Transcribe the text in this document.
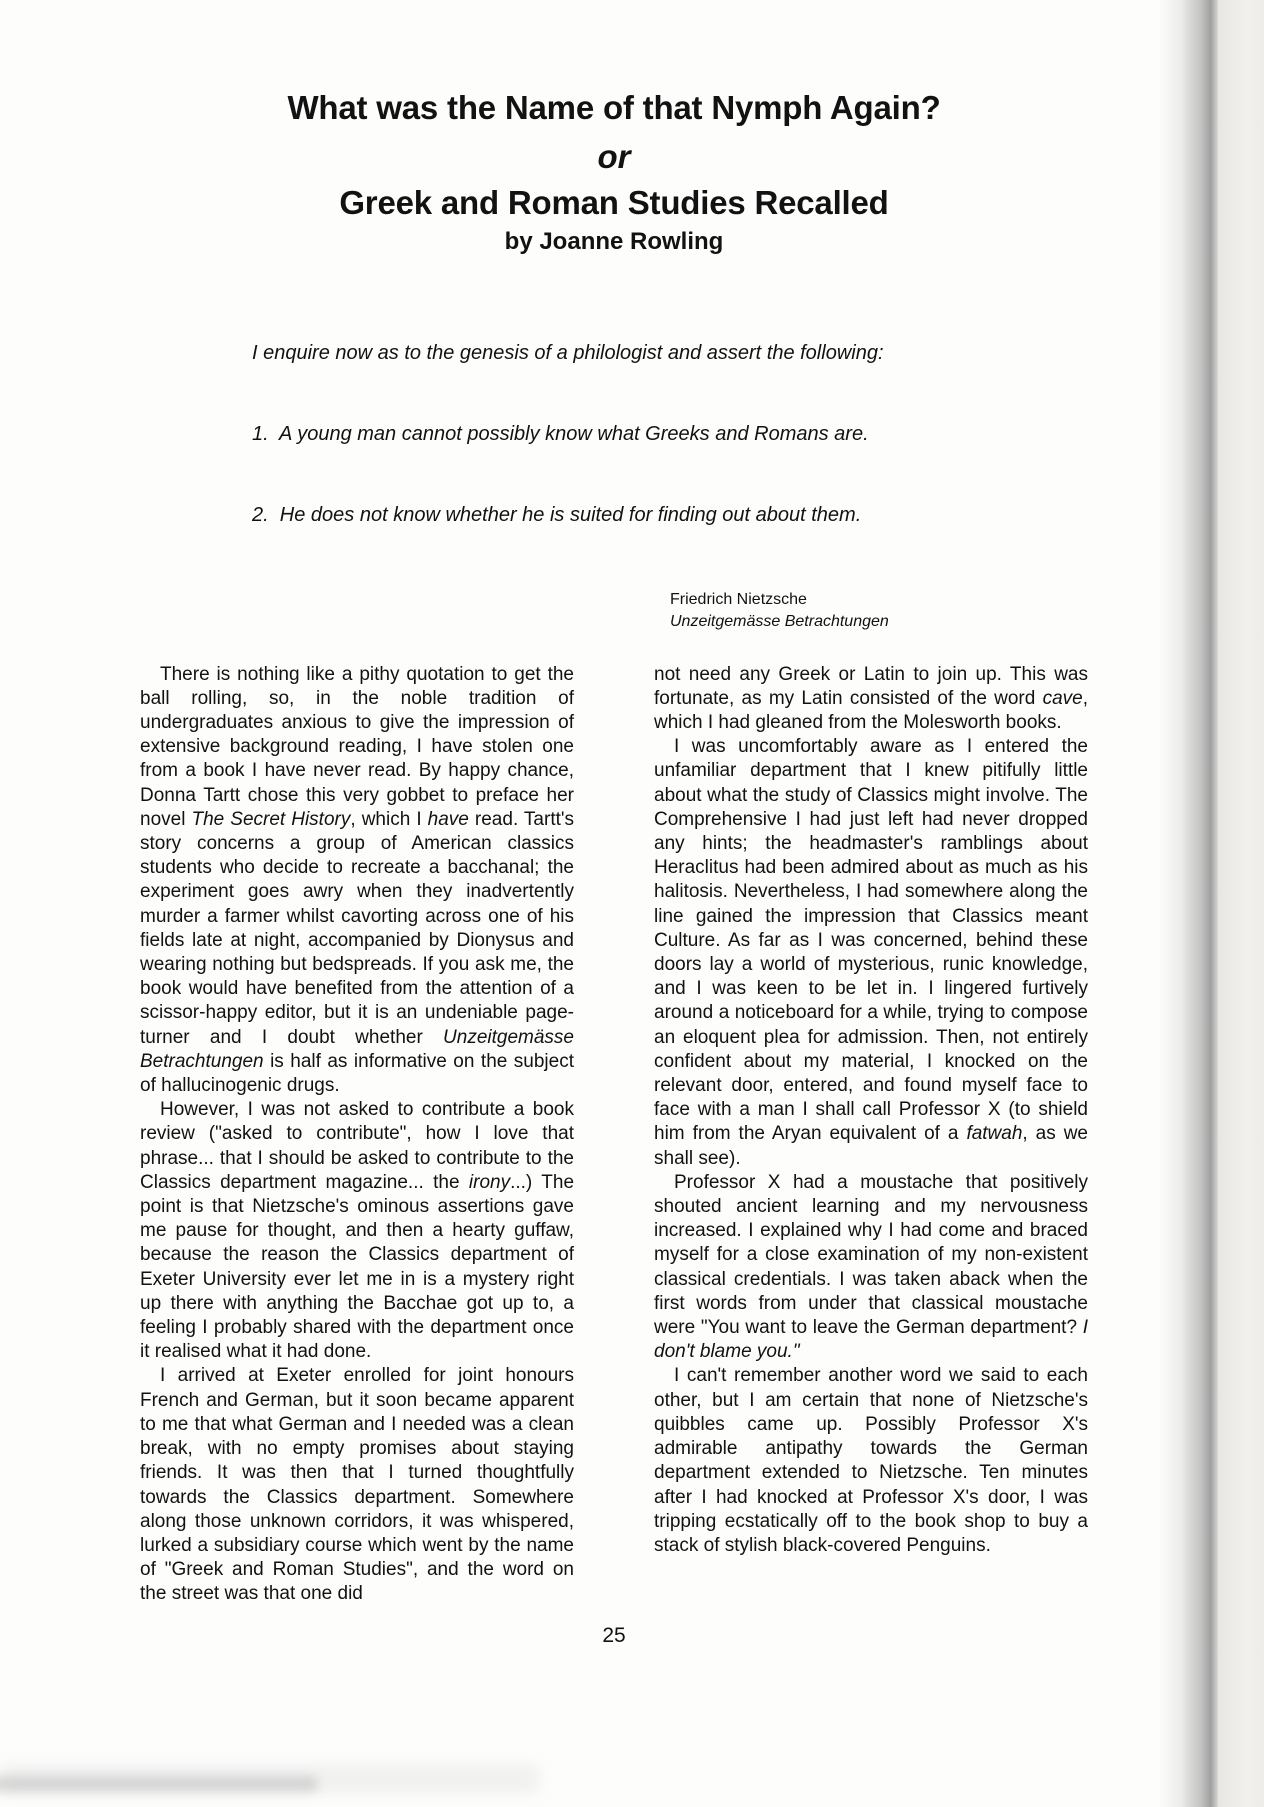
What was the Name of that Nymph Again?
or
Greek and Roman Studies Recalled
by Joanne Rowling

I enquire now as to the genesis of a philologist and assert the following:

1.  A young man cannot possibly know what Greeks and Romans are.

2.  He does not know whether he is suited for finding out about them.

Friedrich Nietzsche
Unzeitgemässe Betrachtungen

There is nothing like a pithy quotation to get the ball rolling, so, in the noble tradition of undergraduates anxious to give the impression of extensive background reading, I have stolen one from a book I have never read. By happy chance, Donna Tartt chose this very gobbet to preface her novel The Secret History, which I have read. Tartt's story concerns a group of American classics students who decide to recreate a bacchanal; the experiment goes awry when they inadvertently murder a farmer whilst cavorting across one of his fields late at night, accompanied by Dionysus and wearing nothing but bedspreads. If you ask me, the book would have benefited from the attention of a scissor-happy editor, but it is an undeniable page-turner and I doubt whether Unzeitgemässe Betrachtungen is half as informative on the subject of hallucinogenic drugs.

However, I was not asked to contribute a book review ("asked to contribute", how I love that phrase... that I should be asked to contribute to the Classics department magazine... the irony...) The point is that Nietzsche's ominous assertions gave me pause for thought, and then a hearty guffaw, because the reason the Classics department of Exeter University ever let me in is a mystery right up there with anything the Bacchae got up to, a feeling I probably shared with the department once it realised what it had done.

I arrived at Exeter enrolled for joint honours French and German, but it soon became apparent to me that what German and I needed was a clean break, with no empty promises about staying friends. It was then that I turned thoughtfully towards the Classics department. Somewhere along those unknown corridors, it was whispered, lurked a subsidiary course which went by the name of "Greek and Roman Studies", and the word on the street was that one did

not need any Greek or Latin to join up. This was fortunate, as my Latin consisted of the word cave, which I had gleaned from the Molesworth books.

I was uncomfortably aware as I entered the unfamiliar department that I knew pitifully little about what the study of Classics might involve. The Comprehensive I had just left had never dropped any hints; the headmaster's ramblings about Heraclitus had been admired about as much as his halitosis. Nevertheless, I had somewhere along the line gained the impression that Classics meant Culture. As far as I was concerned, behind these doors lay a world of mysterious, runic knowledge, and I was keen to be let in. I lingered furtively around a noticeboard for a while, trying to compose an eloquent plea for admission. Then, not entirely confident about my material, I knocked on the relevant door, entered, and found myself face to face with a man I shall call Professor X (to shield him from the Aryan equivalent of a fatwah, as we shall see).

Professor X had a moustache that positively shouted ancient learning and my nervousness increased. I explained why I had come and braced myself for a close examination of my non-existent classical credentials. I was taken aback when the first words from under that classical moustache were "You want to leave the German department? I don't blame you."

I can't remember another word we said to each other, but I am certain that none of Nietzsche's quibbles came up. Possibly Professor X's admirable antipathy towards the German department extended to Nietzsche. Ten minutes after I had knocked at Professor X's door, I was tripping ecstatically off to the book shop to buy a stack of stylish black-covered Penguins.

25
